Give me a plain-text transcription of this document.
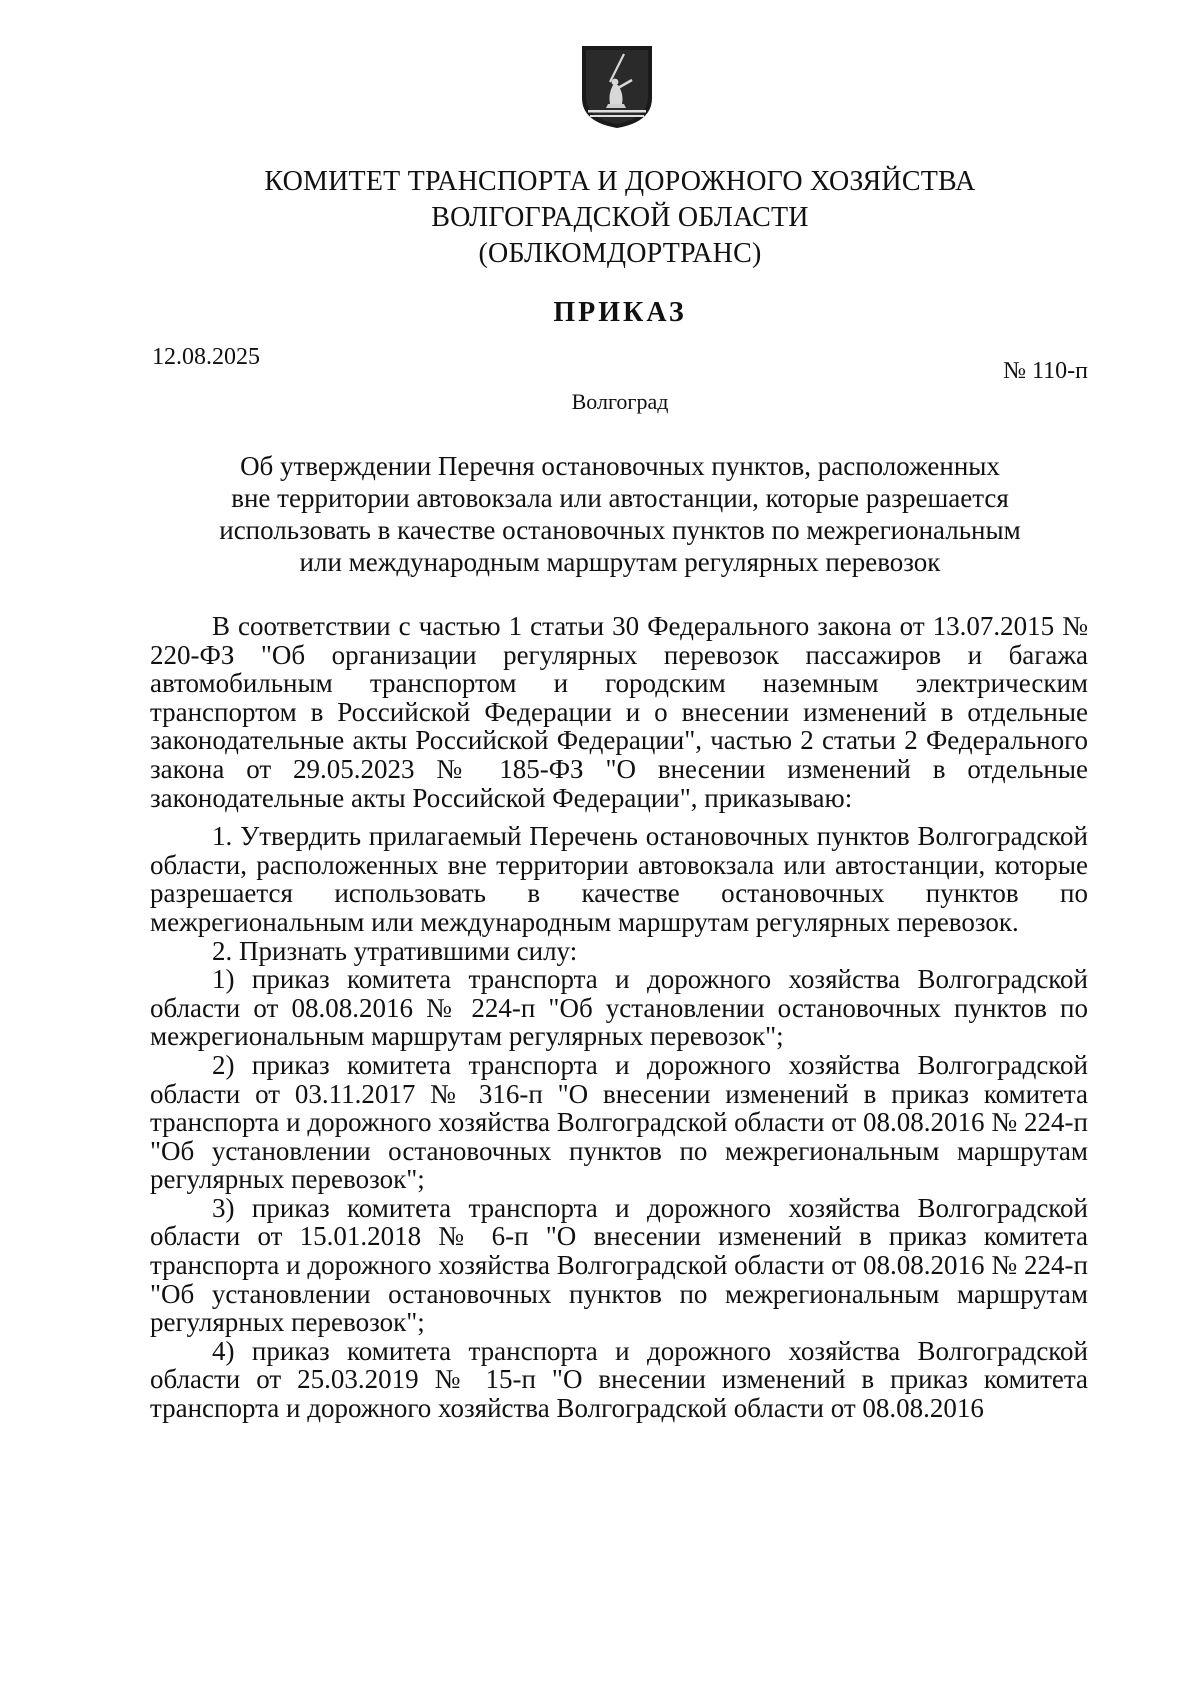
КОМИТЕТ ТРАНСПОРТА И ДОРОЖНОГО ХОЗЯЙСТВА
ВОЛГОГРАДСКОЙ ОБЛАСТИ
(ОБЛКОМДОРТРАНС)
ПРИКАЗ
12.08.2025
№ 110-п
Волгоград
Об утверждении Перечня остановочных пунктов, расположенных
вне территории автовокзала или автостанции, которые разрешается
использовать в качестве остановочных пунктов по межрегиональным
или международным маршрутам регулярных перевозок

В соответствии с частью 1 статьи 30 Федерального закона от 13.07.2015 № 220-ФЗ "Об организации регулярных перевозок пассажиров и багажа автомобильным транспортом и городским наземным электрическим транспортом в Российской Федерации и о внесении изменений в отдельные законодательные акты Российской Федерации", частью 2 статьи 2 Федерального закона от 29.05.2023 № 185-ФЗ "О внесении изменений в отдельные законодательные акты Российской Федерации", приказываю:

1. Утвердить прилагаемый Перечень остановочных пунктов Волгоградской области, расположенных вне территории автовокзала или автостанции, которые разрешается использовать в качестве остановочных пунктов по межрегиональным или международным маршрутам регулярных перевозок.

2. Признать утратившими силу:

1) приказ комитета транспорта и дорожного хозяйства Волгоградской области от 08.08.2016 № 224-п "Об установлении остановочных пунктов по межрегиональным маршрутам регулярных перевозок";

2) приказ комитета транспорта и дорожного хозяйства Волгоградской области от 03.11.2017 № 316-п "О внесении изменений в приказ комитета транспорта и дорожного хозяйства Волгоградской области от 08.08.2016 № 224-п "Об установлении остановочных пунктов по межрегиональным маршрутам регулярных перевозок";

3) приказ комитета транспорта и дорожного хозяйства Волгоградской области от 15.01.2018 № 6-п "О внесении изменений в приказ комитета транспорта и дорожного хозяйства Волгоградской области от 08.08.2016 № 224-п "Об установлении остановочных пунктов по межрегиональным маршрутам регулярных перевозок";

4) приказ комитета транспорта и дорожного хозяйства Волгоградской области от 25.03.2019 № 15-п "О внесении изменений в приказ комитета транспорта и дорожного хозяйства Волгоградской области от 08.08.2016
